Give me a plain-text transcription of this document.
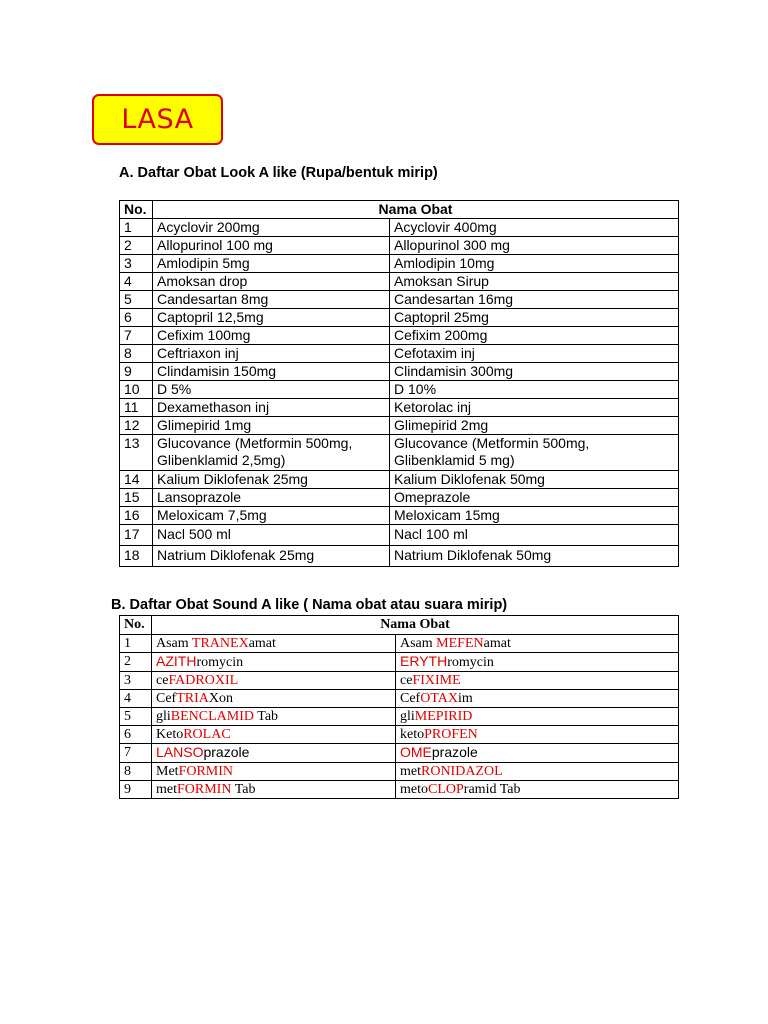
LASA
A. Daftar Obat Look A like (Rupa/bentuk mirip)
No.	Nama Obat	
1	Acyclovir 200mg	Acyclovir 400mg
2	Allopurinol 100 mg	Allopurinol 300 mg
3	Amlodipin 5mg	Amlodipin 10mg
4	Amoksan drop	Amoksan Sirup
5	Candesartan 8mg	Candesartan 16mg
6	Captopril 12,5mg	Captopril 25mg
7	Cefixim 100mg	Cefixim 200mg
8	Ceftriaxon inj	Cefotaxim inj
9	Clindamisin 150mg	Clindamisin 300mg
10	D 5%	D 10%
11	Dexamethason inj	Ketorolac inj
12	Glimepirid 1mg	Glimepirid 2mg
13	Glucovance (Metformin 500mg, Glibenklamid 2,5mg)	Glucovance (Metformin 500mg, Glibenklamid 5 mg)
14	Kalium Diklofenak 25mg	Kalium Diklofenak 50mg
15	Lansoprazole	Omeprazole
16	Meloxicam 7,5mg	Meloxicam 15mg
17	Nacl 500 ml	Nacl 100 ml
18	Natrium Diklofenak 25mg	Natrium Diklofenak 50mg
B. Daftar Obat Sound A like ( Nama obat atau suara mirip)
No.	Nama Obat	
1	Asam TRANEXamat	Asam MEFENamat
2	AZITHromycin	ERYTHromycin
3	ceFADROXIL	ceFIXIME
4	CefTRIAXon	CefOTAXim
5	gliBENCLAMID Tab	gliMEPIRID
6	KetoROLAC	ketoPROFEN
7	LANSOprazole	OMEprazole
8	MetFORMIN	metRONIDAZOL
9	metFORMIN Tab	metoCLOPramid Tab
